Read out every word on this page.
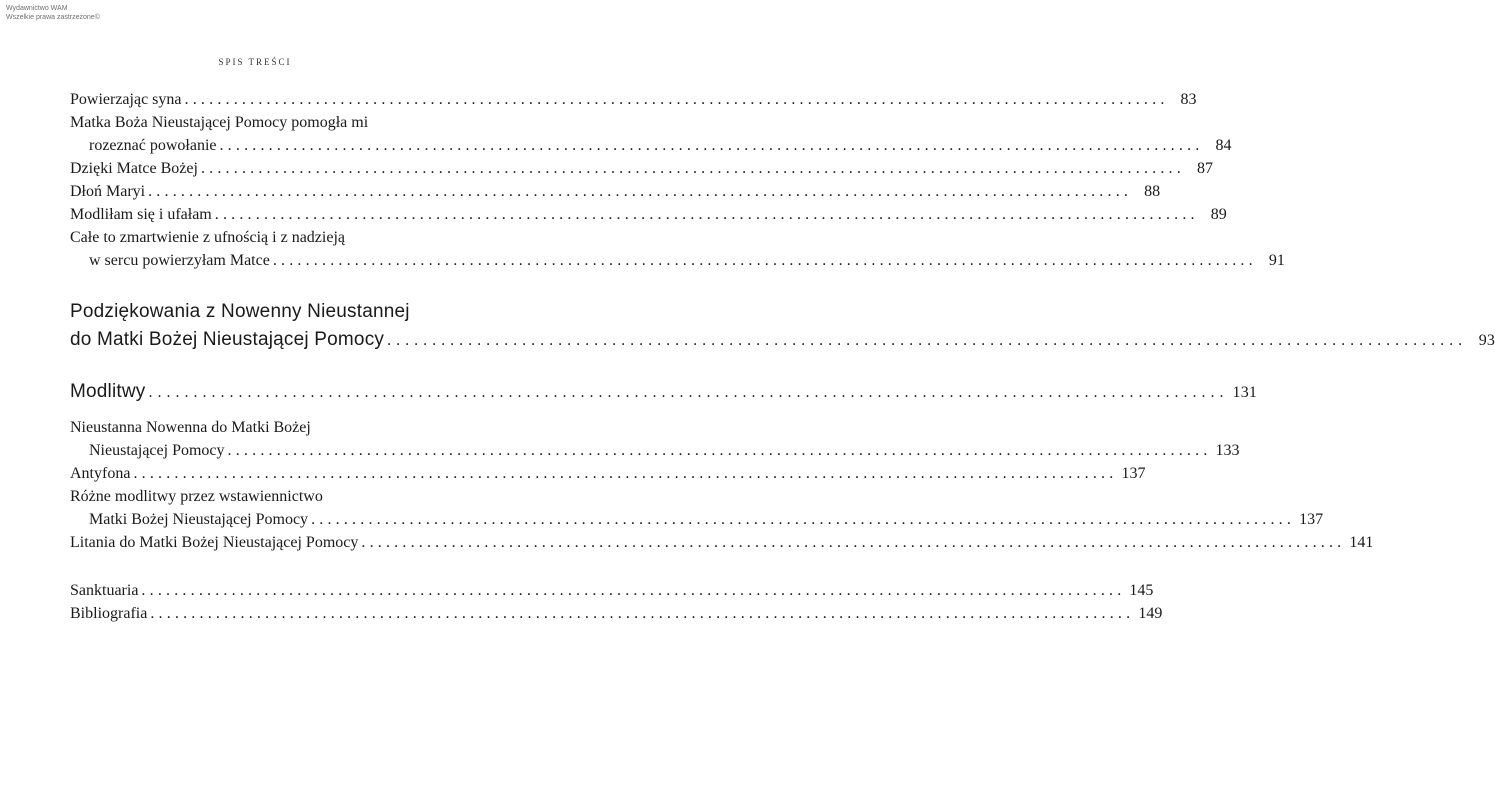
Wydawnictwo WAM
Wszelkie prawa zastrzeżone©
SPIS TREŚCI
Powierzając syna ........................................................................................................................ 83
Matka Boża Nieustającej Pomocy pomogła mi
rozeznać powołanie ........................................................................................................................ 84
Dzięki Matce Bożej ........................................................................................................................ 87
Dłoń Maryi ........................................................................................................................ 88
Modliłam się i ufałam ........................................................................................................................ 89
Całe to zmartwienie z ufnością i z nadzieją
w sercu powierzyłam Matce ........................................................................................................................ 91
Podziękowania z Nowenny Nieustannej
do Matki Bożej Nieustającej Pomocy ........................................................................................................................ 93
Modlitwy ........................................................................................................................ 131
Nieustanna Nowenna do Matki Bożej
Nieustającej Pomocy ........................................................................................................................ 133
Antyfona ........................................................................................................................ 137
Różne modlitwy przez wstawiennictwo
Matki Bożej Nieustającej Pomocy ........................................................................................................................ 137
Litania do Matki Bożej Nieustającej Pomocy ........................................................................................................................ 141
Sanktuaria ........................................................................................................................ 145
Bibliografia ........................................................................................................................ 149
